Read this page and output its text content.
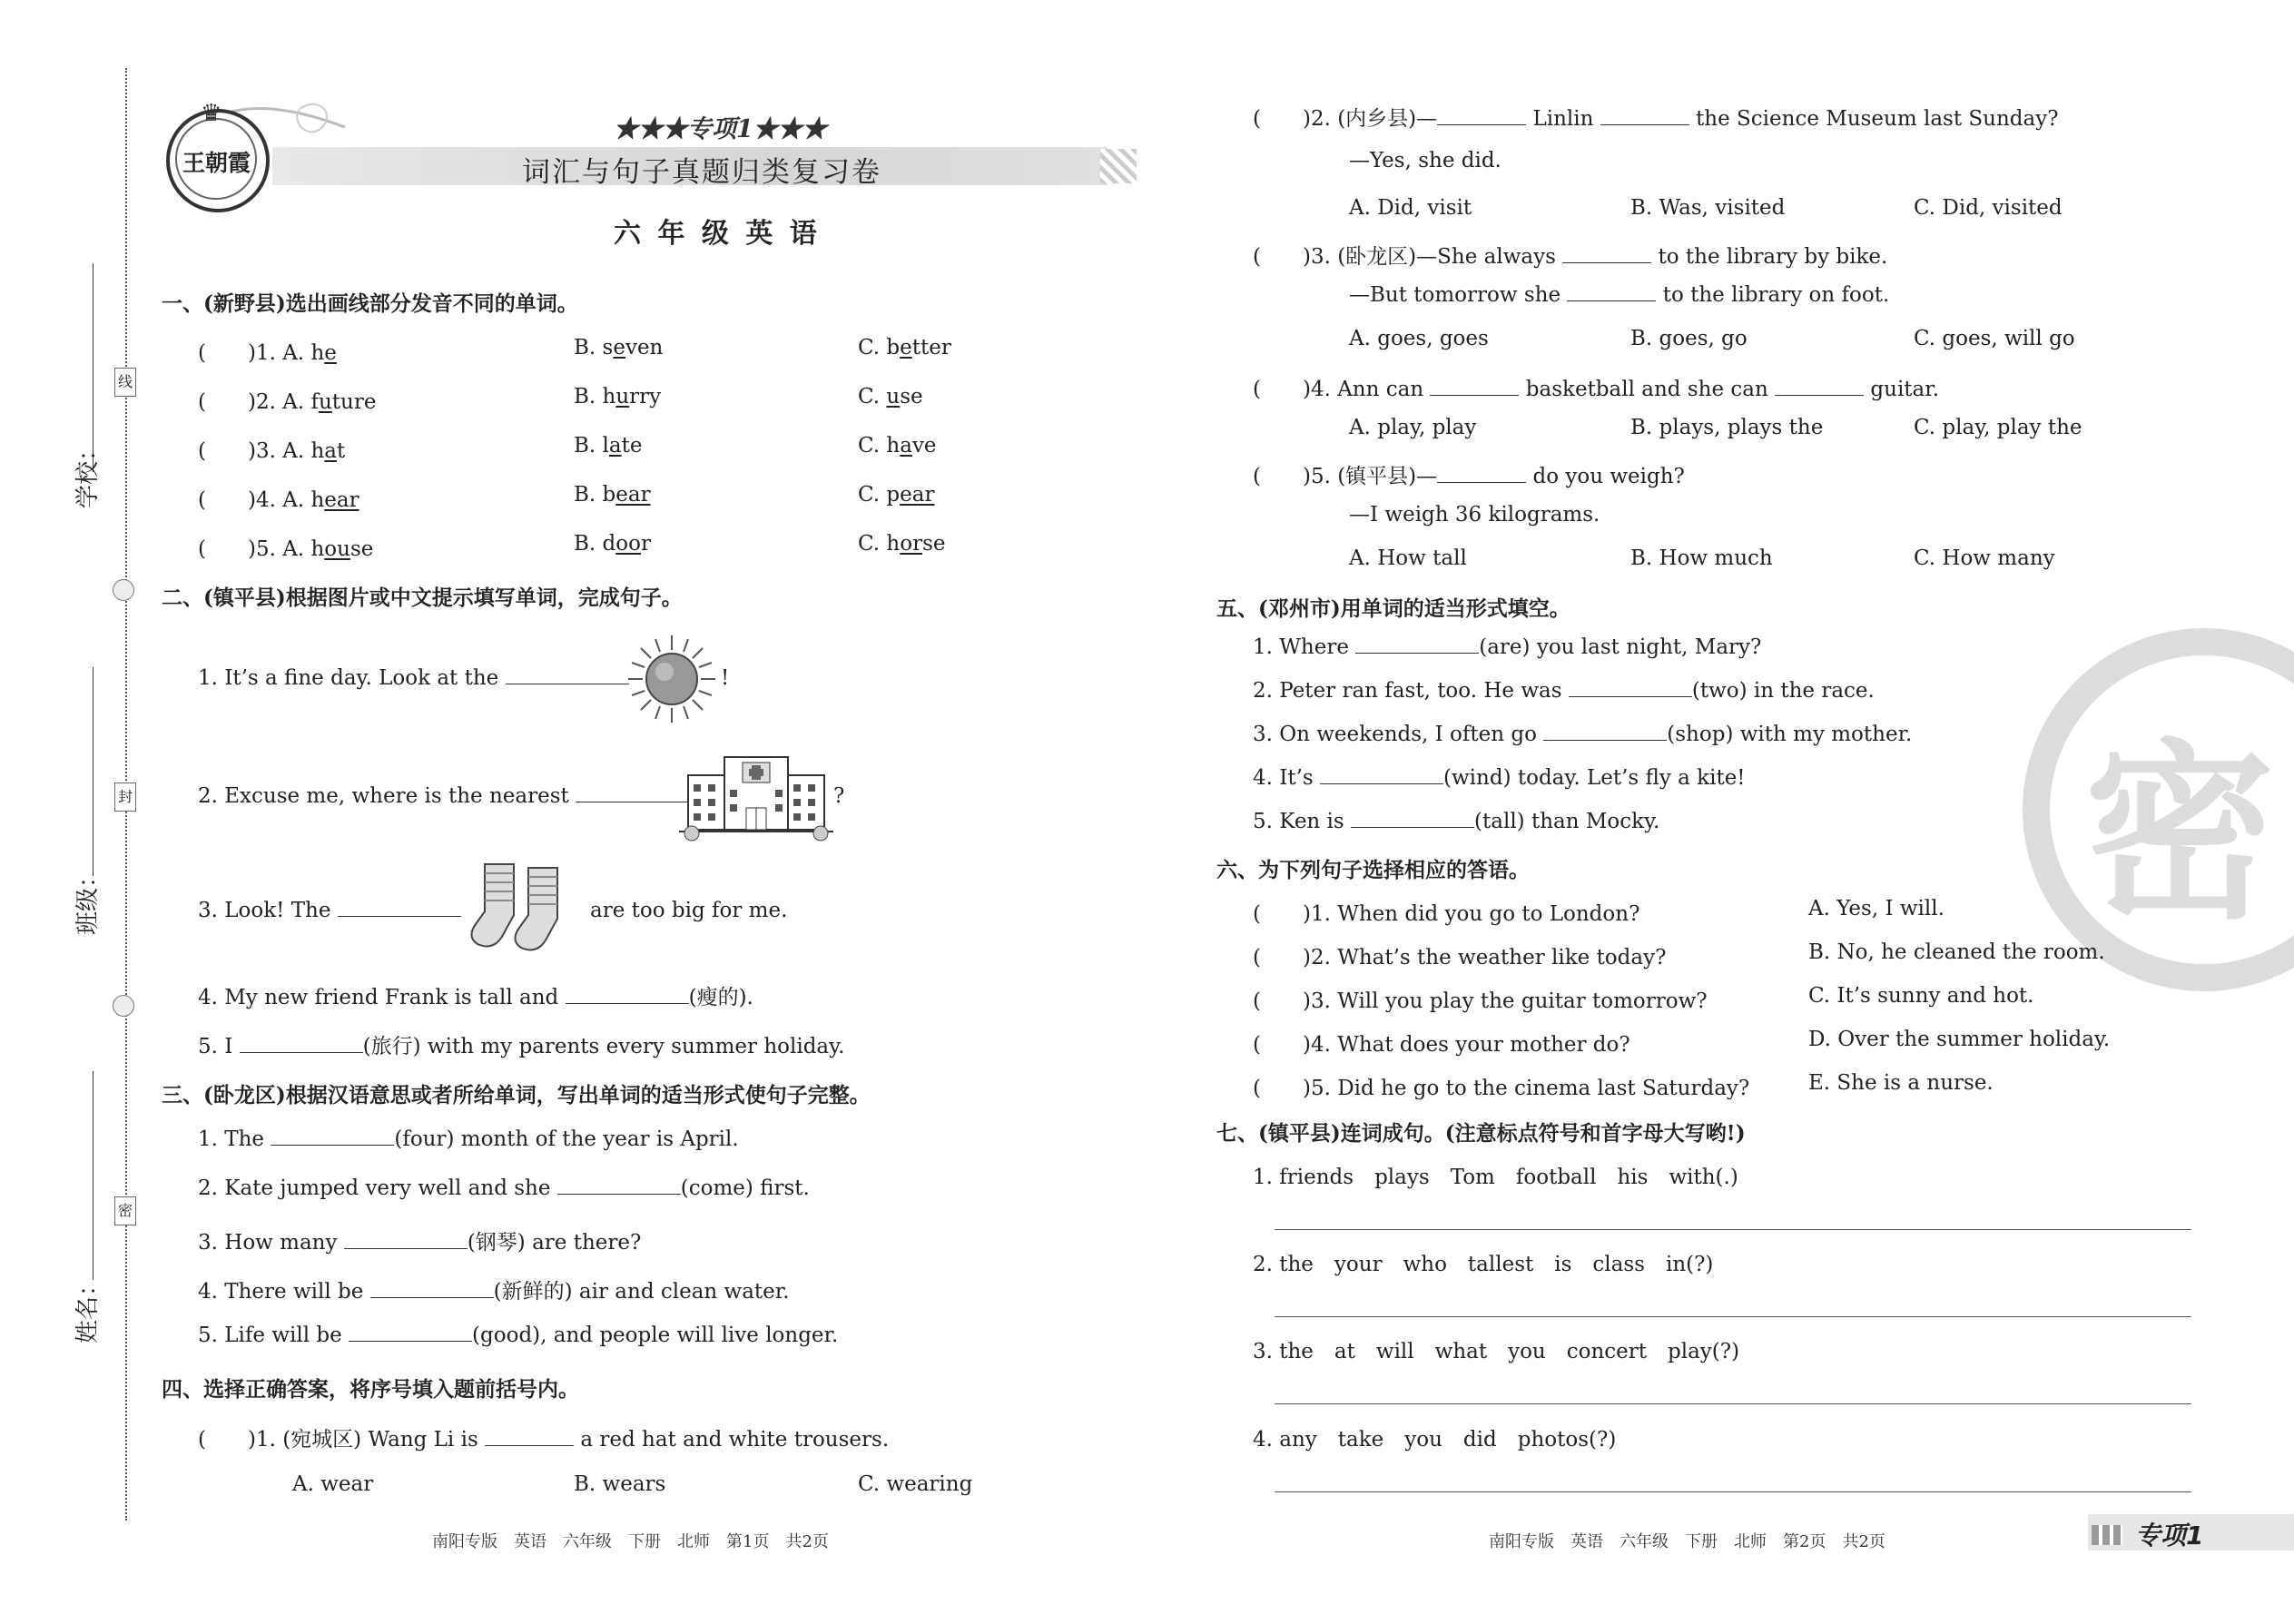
线
封
密
学校：
班级：
姓名：
♛
王朝霞
★★★专项1★★★
词汇与句子真题归类复习卷
六 年 级 英 语
一、(新野县)选出画线部分发音不同的单词。
(　　)1. A. he	B. seven	C. better
(　　)2. A. future	B. hurry	C. use
(　　)3. A. hat	B. late	C. have
(　　)4. A. hear	B. bear	C. pear
(　　)5. A. house	B. door	C. horse
二、(镇平县)根据图片或中文提示填写单词，完成句子。
1. It’s a fine day. Look at the	!
2. Excuse me, where is the nearest	?
3. Look! The	are too big for me.
4. My new friend Frank is tall and	(瘦的).
5. I	(旅行) with my parents every summer holiday.
三、(卧龙区)根据汉语意思或者所给单词，写出单词的适当形式使句子完整。
1. The	(four) month of the year is April.
2. Kate jumped very well and she	(come) first.
3. How many	(钢琴) are there?
4. There will be	(新鲜的) air and clean water.
5. Life will be	(good), and people will live longer.
四、选择正确答案，将序号填入题前括号内。
(　　)1. (宛城区) Wang Li is	a red hat and white trousers.
A. wear	B. wears	C. wearing
(　　)2. (内乡县)—	Linlin	the Science Museum last Sunday?
—Yes, she did.
A. Did, visit	B. Was, visited	C. Did, visited
(　　)3. (卧龙区)—She always	to the library by bike.
—But tomorrow she	to the library on foot.
A. goes, goes	B. goes, go	C. goes, will go
(　　)4. Ann can	basketball and she can	guitar.
A. play, play	B. plays, plays the	C. play, play the
(　　)5. (镇平县)—	do you weigh?
—I weigh 36 kilograms.
A. How tall	B. How much	C. How many
密
五、(邓州市)用单词的适当形式填空。
1. Where	(are) you last night, Mary?
2. Peter ran fast, too. He was	(two) in the race.
3. On weekends, I often go	(shop) with my mother.
4. It’s	(wind) today. Let’s fly a kite!
5. Ken is	(tall) than Mocky.
六、为下列句子选择相应的答语。
(　　)1. When did you go to London?	A. Yes, I will.
(　　)2. What’s the weather like today?	B. No, he cleaned the room.
(　　)3. Will you play the guitar tomorrow?	C. It’s sunny and hot.
(　　)4. What does your mother do?	D. Over the summer holiday.
(　　)5. Did he go to the cinema last Saturday?	E. She is a nurse.
七、(镇平县)连词成句。(注意标点符号和首字母大写哟!)
1. friends　plays　Tom　football　his　with(.)
2. the　your　who　tallest　is　class　in(?)
3. the　at　will　what　you　concert　play(?)
4. any　take　you　did　photos(?)
南阳专版　英语　六年级　下册　北师　第1页　共2页	南阳专版　英语　六年级　下册　北师　第2页　共2页	专项1
